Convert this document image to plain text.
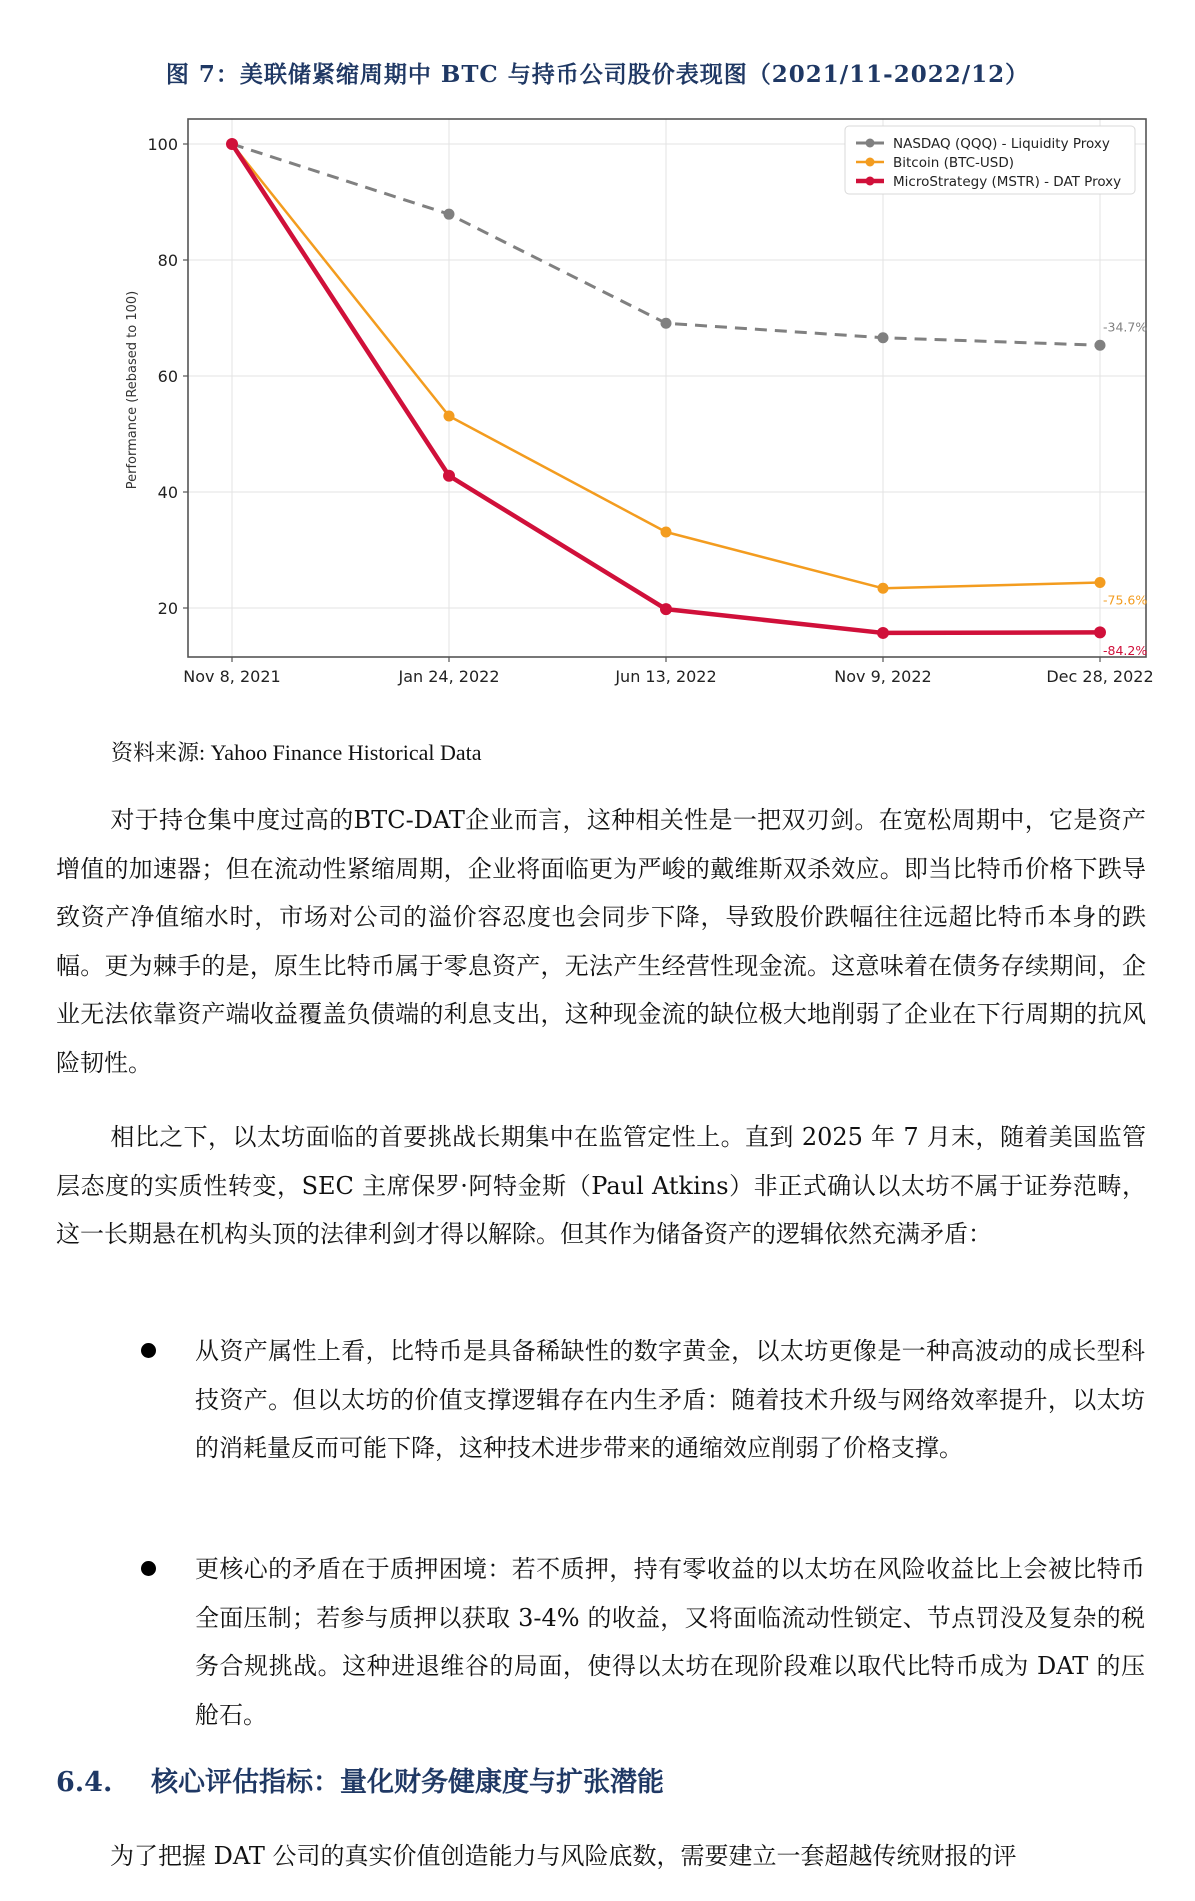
图 7：美联储紧缩周期中 BTC 与持币公司股价表现图（2021/11-2022/12）
20
40
60
80
100
Nov 8, 2021	Jan 24, 2022	Jun 13, 2022	Nov 9, 2022	Dec 28, 2022
Performance (Rebased to 100)	-34.7%
-75.6%
-84.2%
NASDAQ (QQQ) - Liquidity Proxy
Bitcoin (BTC-USD)
MicroStrategy (MSTR) - DAT Proxy
资料来源: Yahoo Finance Historical Data
对于持仓集中度过高的BTC-DAT企业而言，这种相关性是一把双刃剑。在宽松周期中，它是资产增值的加速器；但在流动性紧缩周期，企业将面临更为严峻的戴维斯双杀效应。即当比特币价格下跌导致资产净值缩水时，市场对公司的溢价容忍度也会同步下降，导致股价跌幅往往远超比特币本身的跌幅。更为棘手的是，原生比特币属于零息资产，无法产生经营性现金流。这意味着在债务存续期间，企业无法依靠资产端收益覆盖负债端的利息支出，这种现金流的缺位极大地削弱了企业在下行周期的抗风险韧性。
相比之下，以太坊面临的首要挑战长期集中在监管定性上。直到 2025 年 7 月末，随着美国监管层态度的实质性转变，SEC 主席保罗·阿特金斯（Paul Atkins）非正式确认以太坊不属于证券范畴，这一长期悬在机构头顶的法律利剑才得以解除。但其作为储备资产的逻辑依然充满矛盾：
从资产属性上看，比特币是具备稀缺性的数字黄金，以太坊更像是一种高波动的成长型科技资产。但以太坊的价值支撑逻辑存在内生矛盾：随着技术升级与网络效率提升，以太坊的消耗量反而可能下降，这种技术进步带来的通缩效应削弱了价格支撑。
更核心的矛盾在于质押困境：若不质押，持有零收益的以太坊在风险收益比上会被比特币全面压制；若参与质押以获取 3-4% 的收益，又将面临流动性锁定、节点罚没及复杂的税务合规挑战。这种进退维谷的局面，使得以太坊在现阶段难以取代比特币成为 DAT 的压舱石。
6.4. 核心评估指标：量化财务健康度与扩张潜能
为了把握 DAT 公司的真实价值创造能力与风险底数，需要建立一套超越传统财报的评
